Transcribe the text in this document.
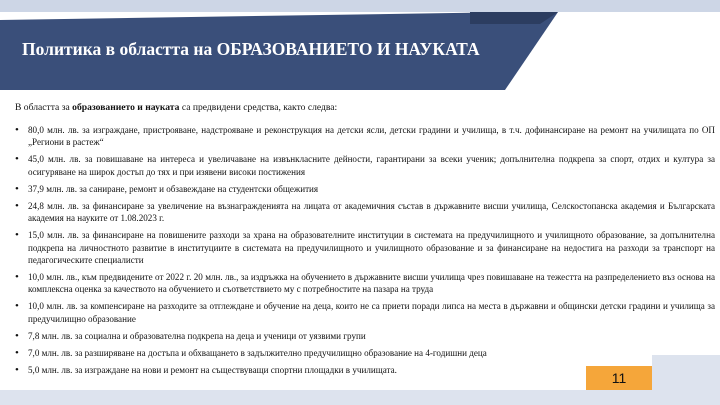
Политика в областта на ОБРАЗОВАНИЕТО И НАУКАТА
В областта за образованието и науката са предвидени средства, както следва:
• 80,0 млн. лв. за изграждане, пристрояване, надстрояване и реконструкция на детски ясли, детски градини и училища, в т.ч. дофинансиране на ремонт на училищата по ОП „Региони в растеж“
• 45,0 млн. лв. за повишаване на интереса и увеличаване на извънкласните дейности, гарантирани за всеки ученик; допълнителна подкрепа за спорт, отдих и култура за осигуряване на широк достъп до тях и при изявени високи постижения
• 37,9 млн. лв. за саниране, ремонт и обзавеждане на студентски общежития
• 24,8 млн. лв. за финансиране за увеличение на възнагражденията на лицата от академичния състав в държавните висши училища, Селскостопанска академия и Българската академия на науките от 1.08.2023 г.
• 15,0 млн. лв. за финансиране на повишените разходи за храна на образователните институции в системата на предучилищното и училищното образование, за допълнителна подкрепа на личностното развитие в институциите в системата на предучилищното и училищното образование и за финансиране на недостига на разходи за транспорт на педагогическите специалисти
• 10,0 млн. лв., към предвидените от 2022 г. 20 млн. лв., за издръжка на обучението в държавните висши училища чрез повишаване на тежестта на разпределението въз основа на комплексна оценка за качеството на обучението и съответствието му с потребностите на пазара на труда
• 10,0 млн. лв. за компенсиране на разходите за отглеждане и обучение на деца, които не са приети поради липса на места в държавни и общински детски градини и училища за предучилищно образование
• 7,8 млн. лв. за социална и образователна подкрепа на деца и ученици от уязвими групи
• 7,0 млн. лв. за разширяване на достъпа и обхващането в задължително предучилищно образование на 4-годишни деца
• 5,0 млн. лв. за изграждане на нови и ремонт на съществуващи спортни площадки в училищата.	11
